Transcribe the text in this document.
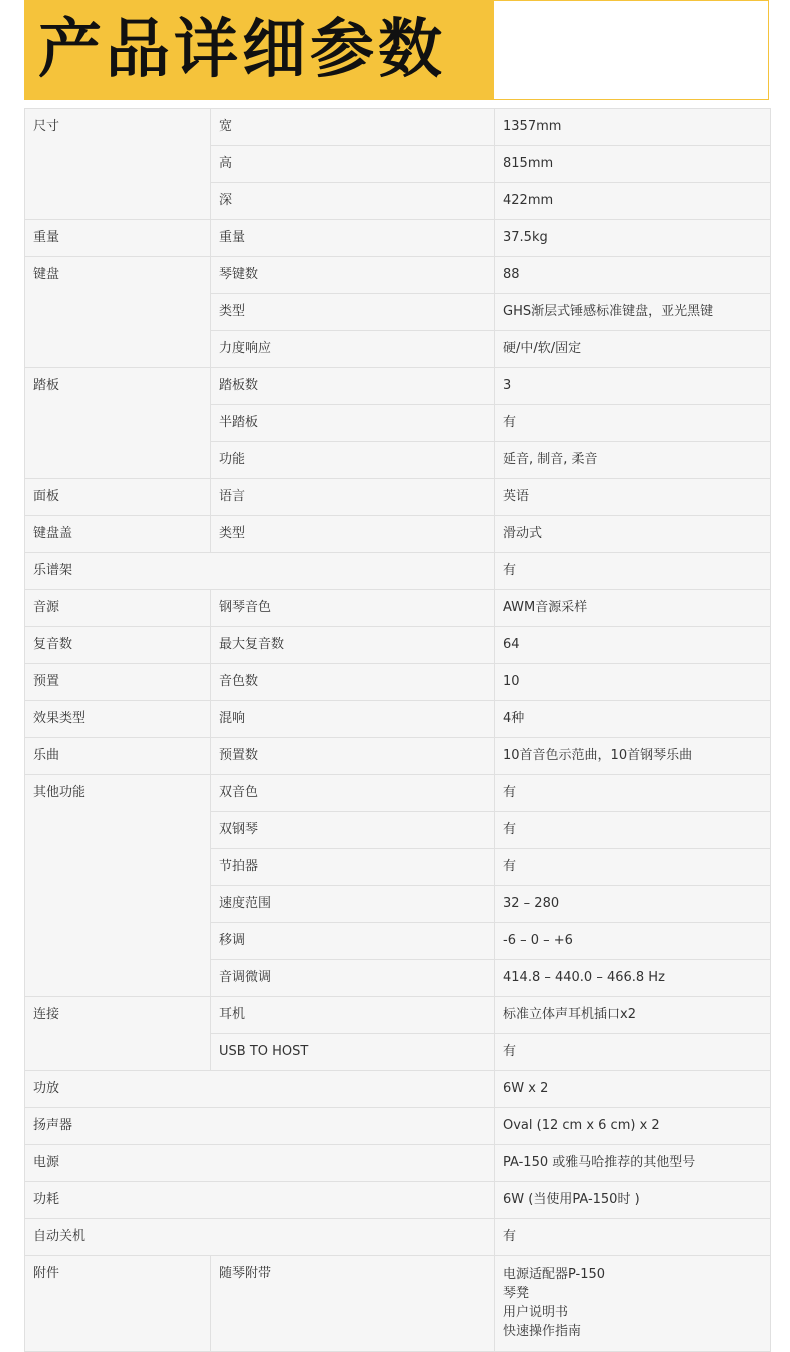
产品详细参数
尺寸	宽	1357mm
	高	815mm
	深	422mm
重量	重量	37.5kg
键盘	琴键数	88
	类型	GHS渐层式锤感标准键盘，亚光黑键
	力度响应	硬/中/软/固定
踏板	踏板数	3
	半踏板	有
	功能	延音, 制音, 柔音
面板	语言	英语
键盘盖	类型	滑动式
乐谱架		有
音源	钢琴音色	AWM音源采样
复音数	最大复音数	64
预置	音色数	10
效果类型	混响	4种
乐曲	预置数	10首音色示范曲，10首钢琴乐曲
其他功能	双音色	有
	双钢琴	有
	节拍器	有
	速度范围	32 – 280
	移调	-6 – 0 – +6
	音调微调	414.8 – 440.0 – 466.8 Hz
连接	耳机	标准立体声耳机插口x2
	USB TO HOST	有
功放		6W x 2
扬声器		Oval (12 cm x 6 cm) x 2
电源		PA-150 或雅马哈推荐的其他型号
功耗		6W (当使用PA-150时 )
自动关机		有
附件	随琴附带	电源适配器P-150
琴凳
用户说明书
快速操作指南
